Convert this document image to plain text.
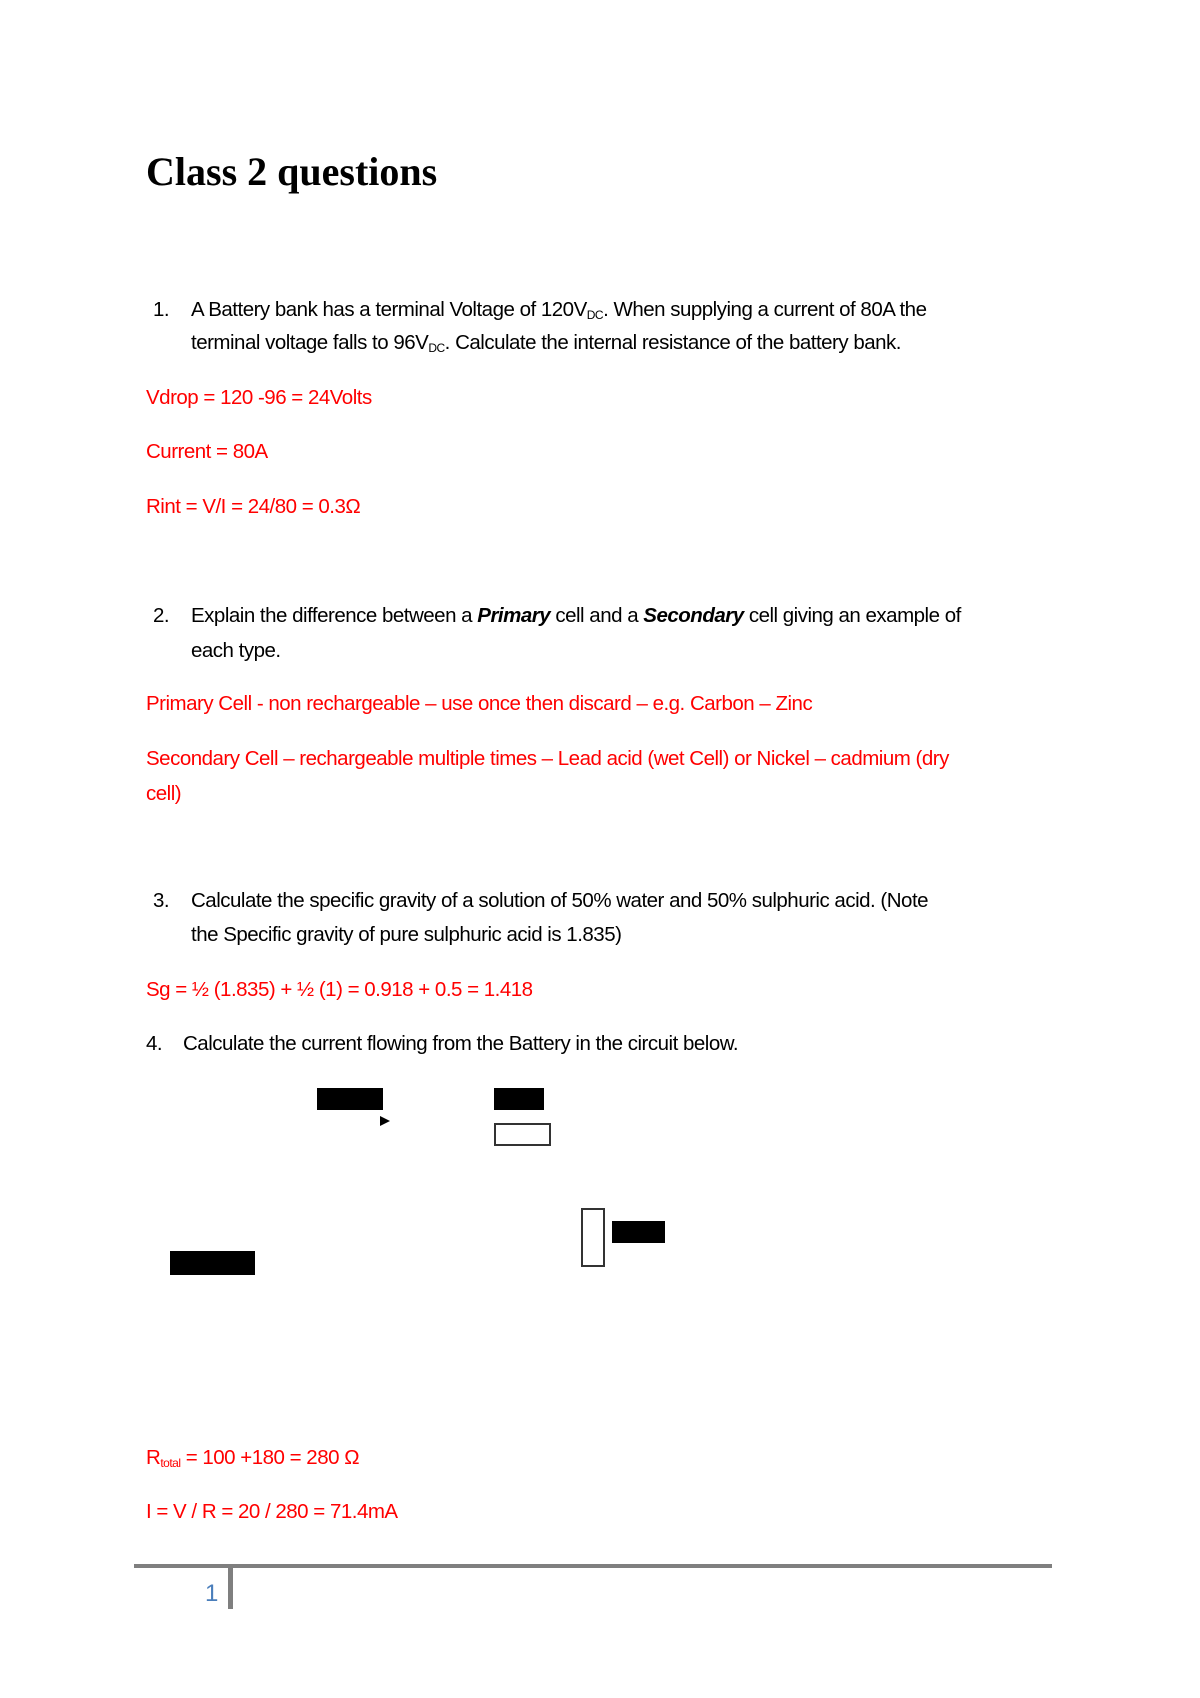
Class 2 questions
1. A Battery bank has a terminal Voltage of $120V_{DC}$. When supplying a current of 80A the
terminal voltage falls to $96V_{DC}$. Calculate the internal resistance of the battery bank.
Vdrop = 120 -96 = 24Volts
Current = 80A
Rint = V/I = 24/80 = 0.3Ω
2. Explain the difference between a Primary cell and a Secondary cell giving an example of
each type.
Primary Cell - non rechargeable – use once then discard – e.g. Carbon – Zinc
Secondary Cell – rechargeable multiple times – Lead acid (wet Cell) or Nickel – cadmium (dry
cell)
3. Calculate the specific gravity of a solution of 50% water and 50% sulphuric acid. (Note
the Specific gravity of pure sulphuric acid is 1.835)
Sg = ½ (1.835) + ½ (1) = 0.918 + 0.5 = 1.418
4. Calculate the current flowing from the Battery in the circuit below.
$R_{total} = 100 +180 = 280$ Ω
I = V / R = 20 / 280 = 71.4mA
1
